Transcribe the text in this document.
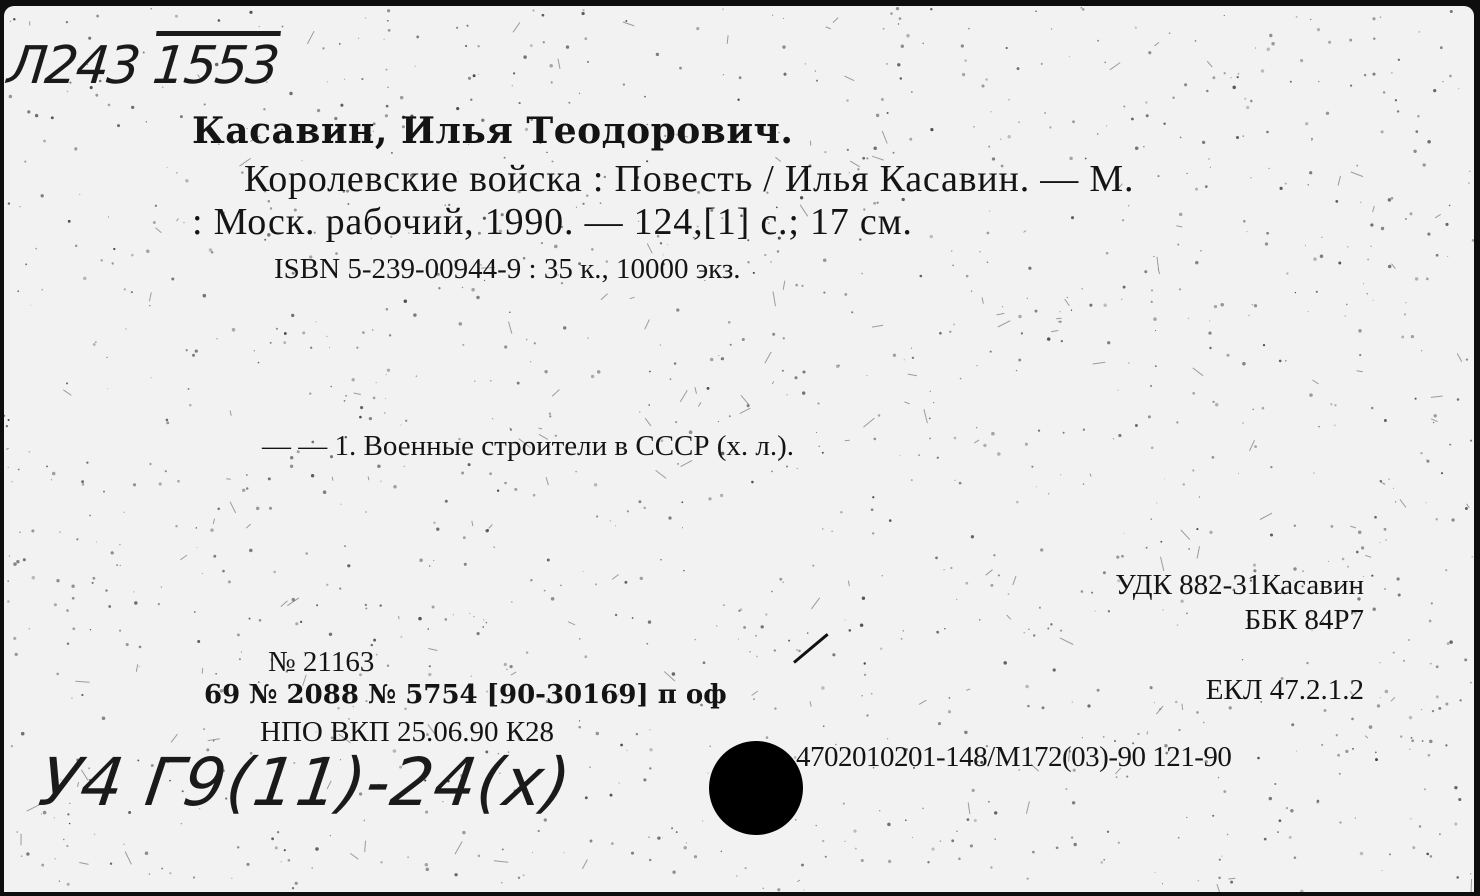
Л243 1553
Касавин, Илья Теодорович.
Королевские войска : Повесть / Илья Касавин. — М.
: Моск. рабочий, 1990. — 124,[1] с.; 17 см.
ISBN 5-239-00944-9 : 35 к., 10000 экз.
— — 1. Военные строители в СССР (х. л.).
УДК 882-31Касавин
ББК 84Р7
ЕКЛ 47.2.1.2
№ 21163
69 № 2088 № 5754 [90-30169] п оф
НПО ВКП 25.06.90 К28
4702010201-148/М172(03)-90 121-90
У4 Г9(11)-24(х)
